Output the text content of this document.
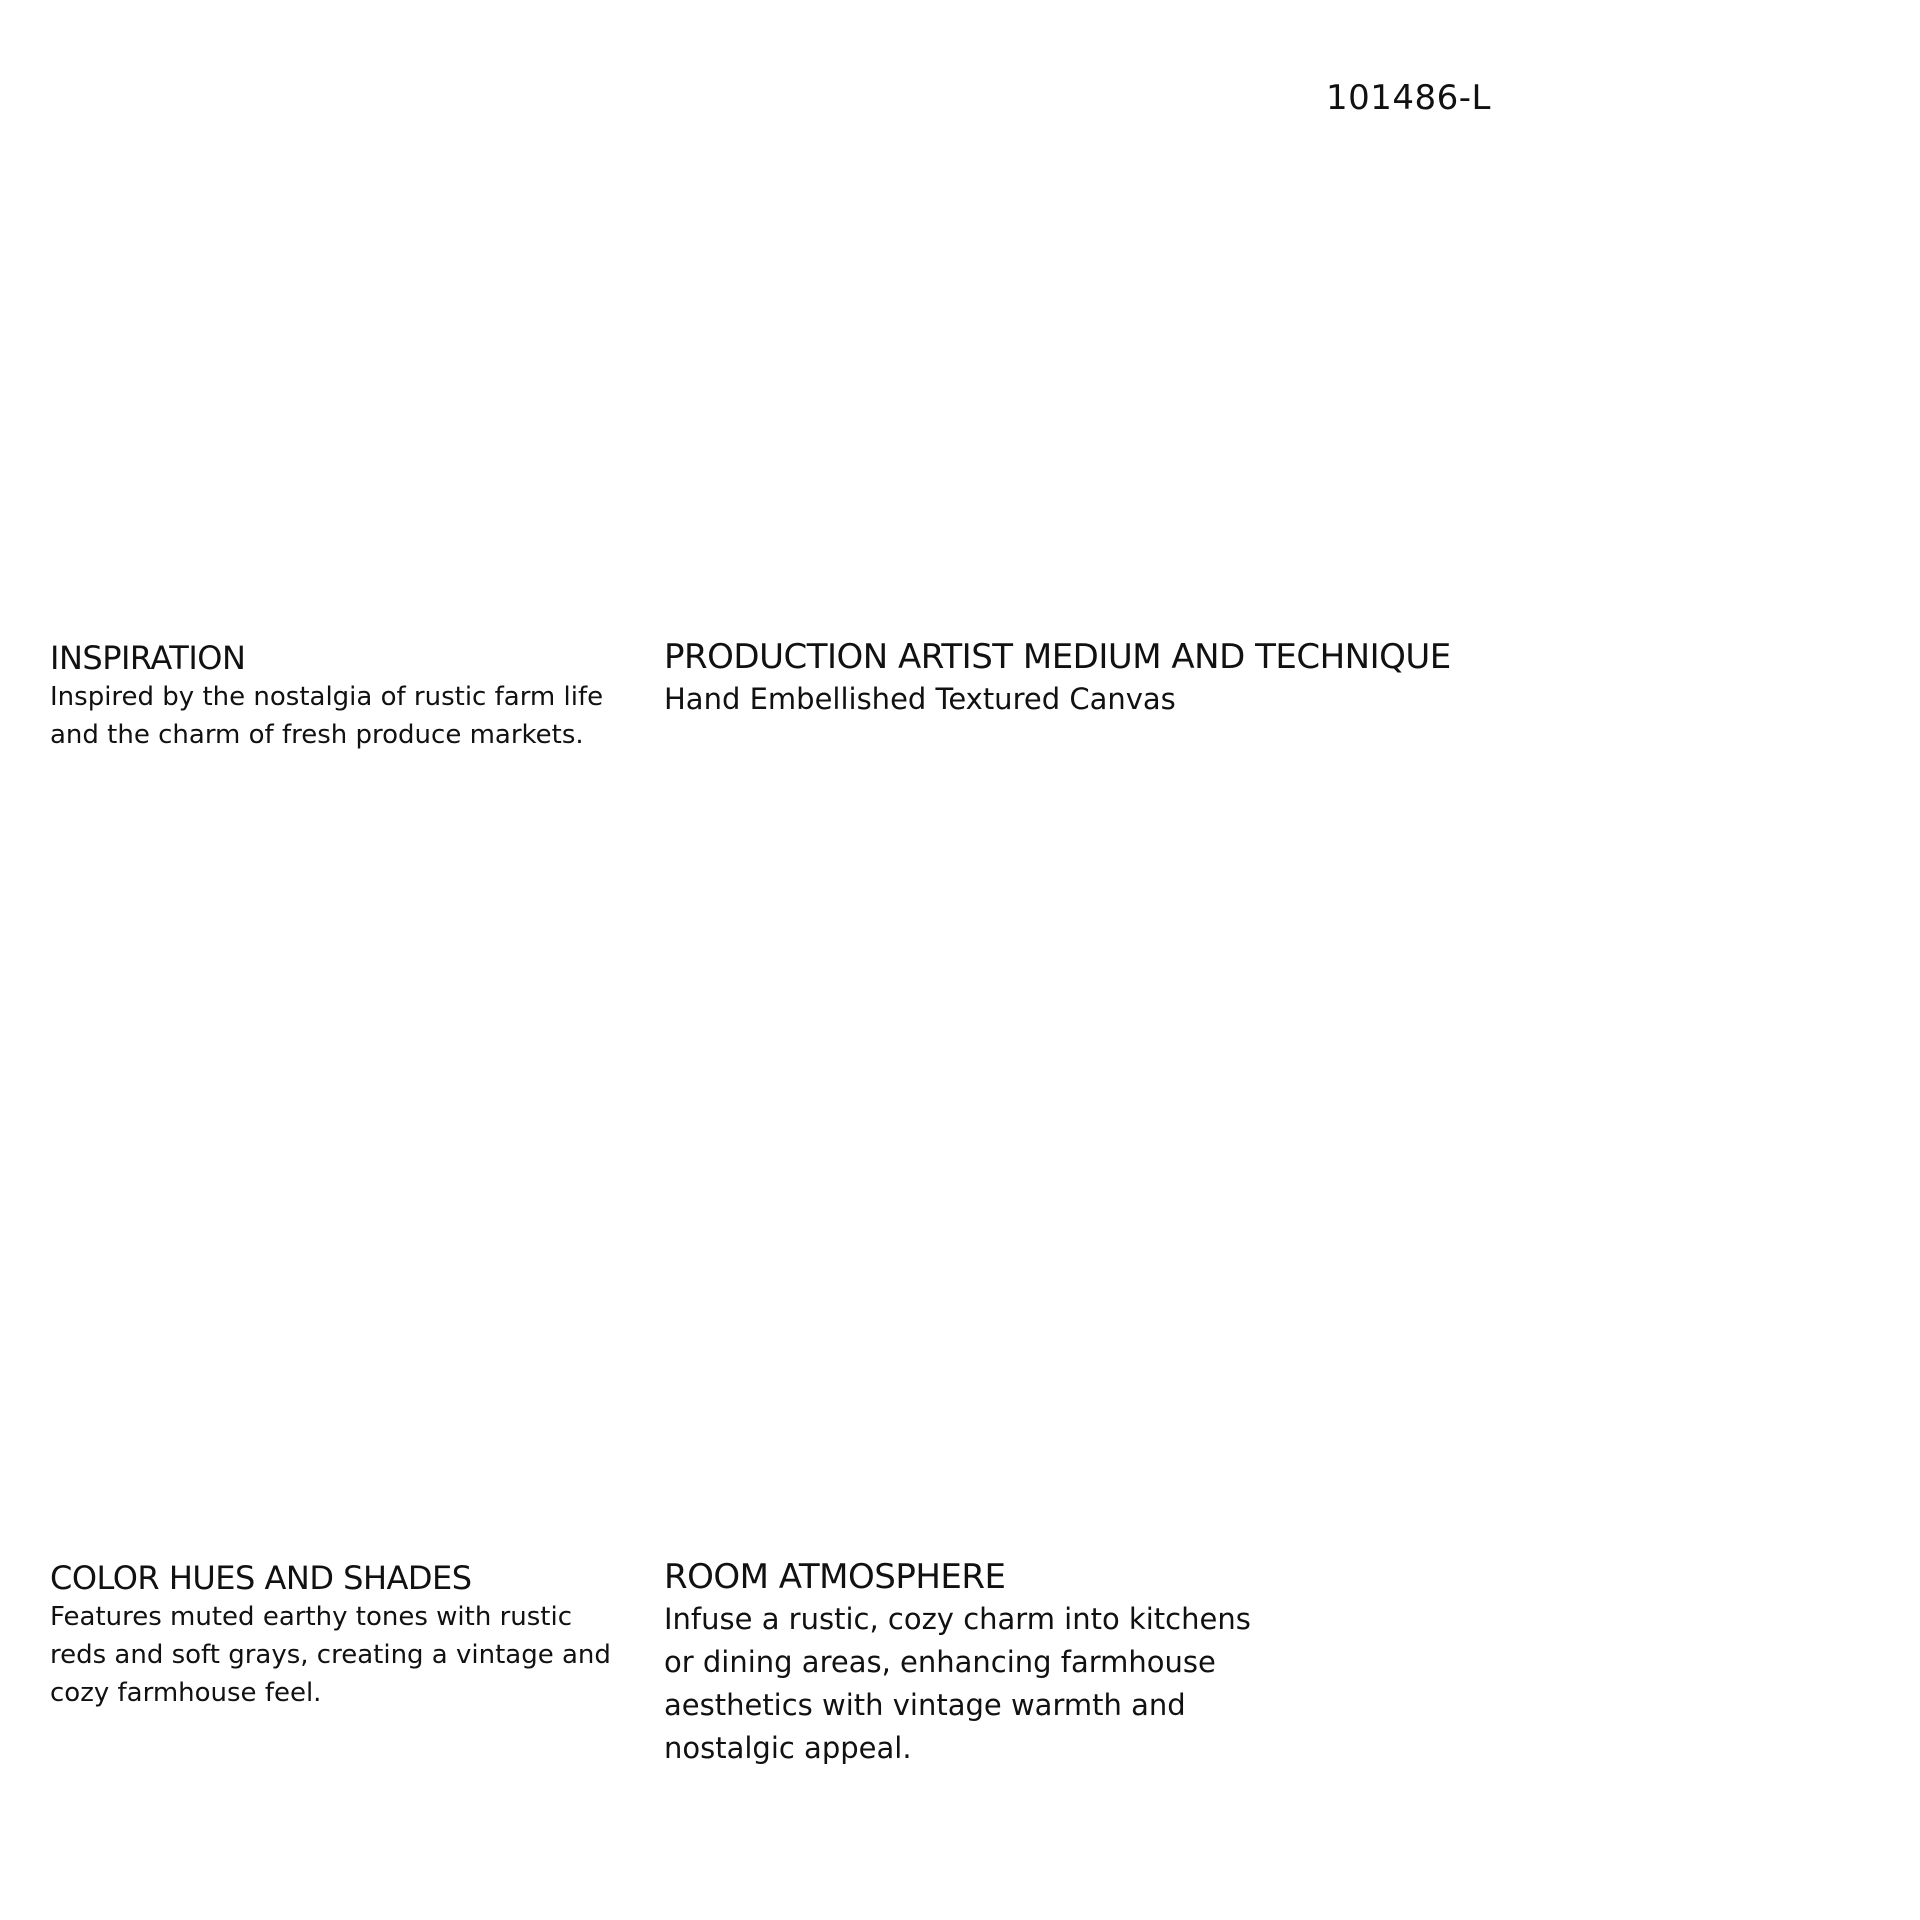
101486-L
INSPIRATION
Inspired by the nostalgia of rustic farm life and the charm of fresh produce markets.
PRODUCTION ARTIST MEDIUM AND TECHNIQUE
Hand Embellished Textured Canvas
COLOR HUES AND SHADES
Features muted earthy tones with rustic reds and soft grays, creating a vintage and cozy farmhouse feel.
ROOM ATMOSPHERE
Infuse a rustic, cozy charm into kitchens or dining areas, enhancing farmhouse aesthetics with vintage warmth and nostalgic appeal.
